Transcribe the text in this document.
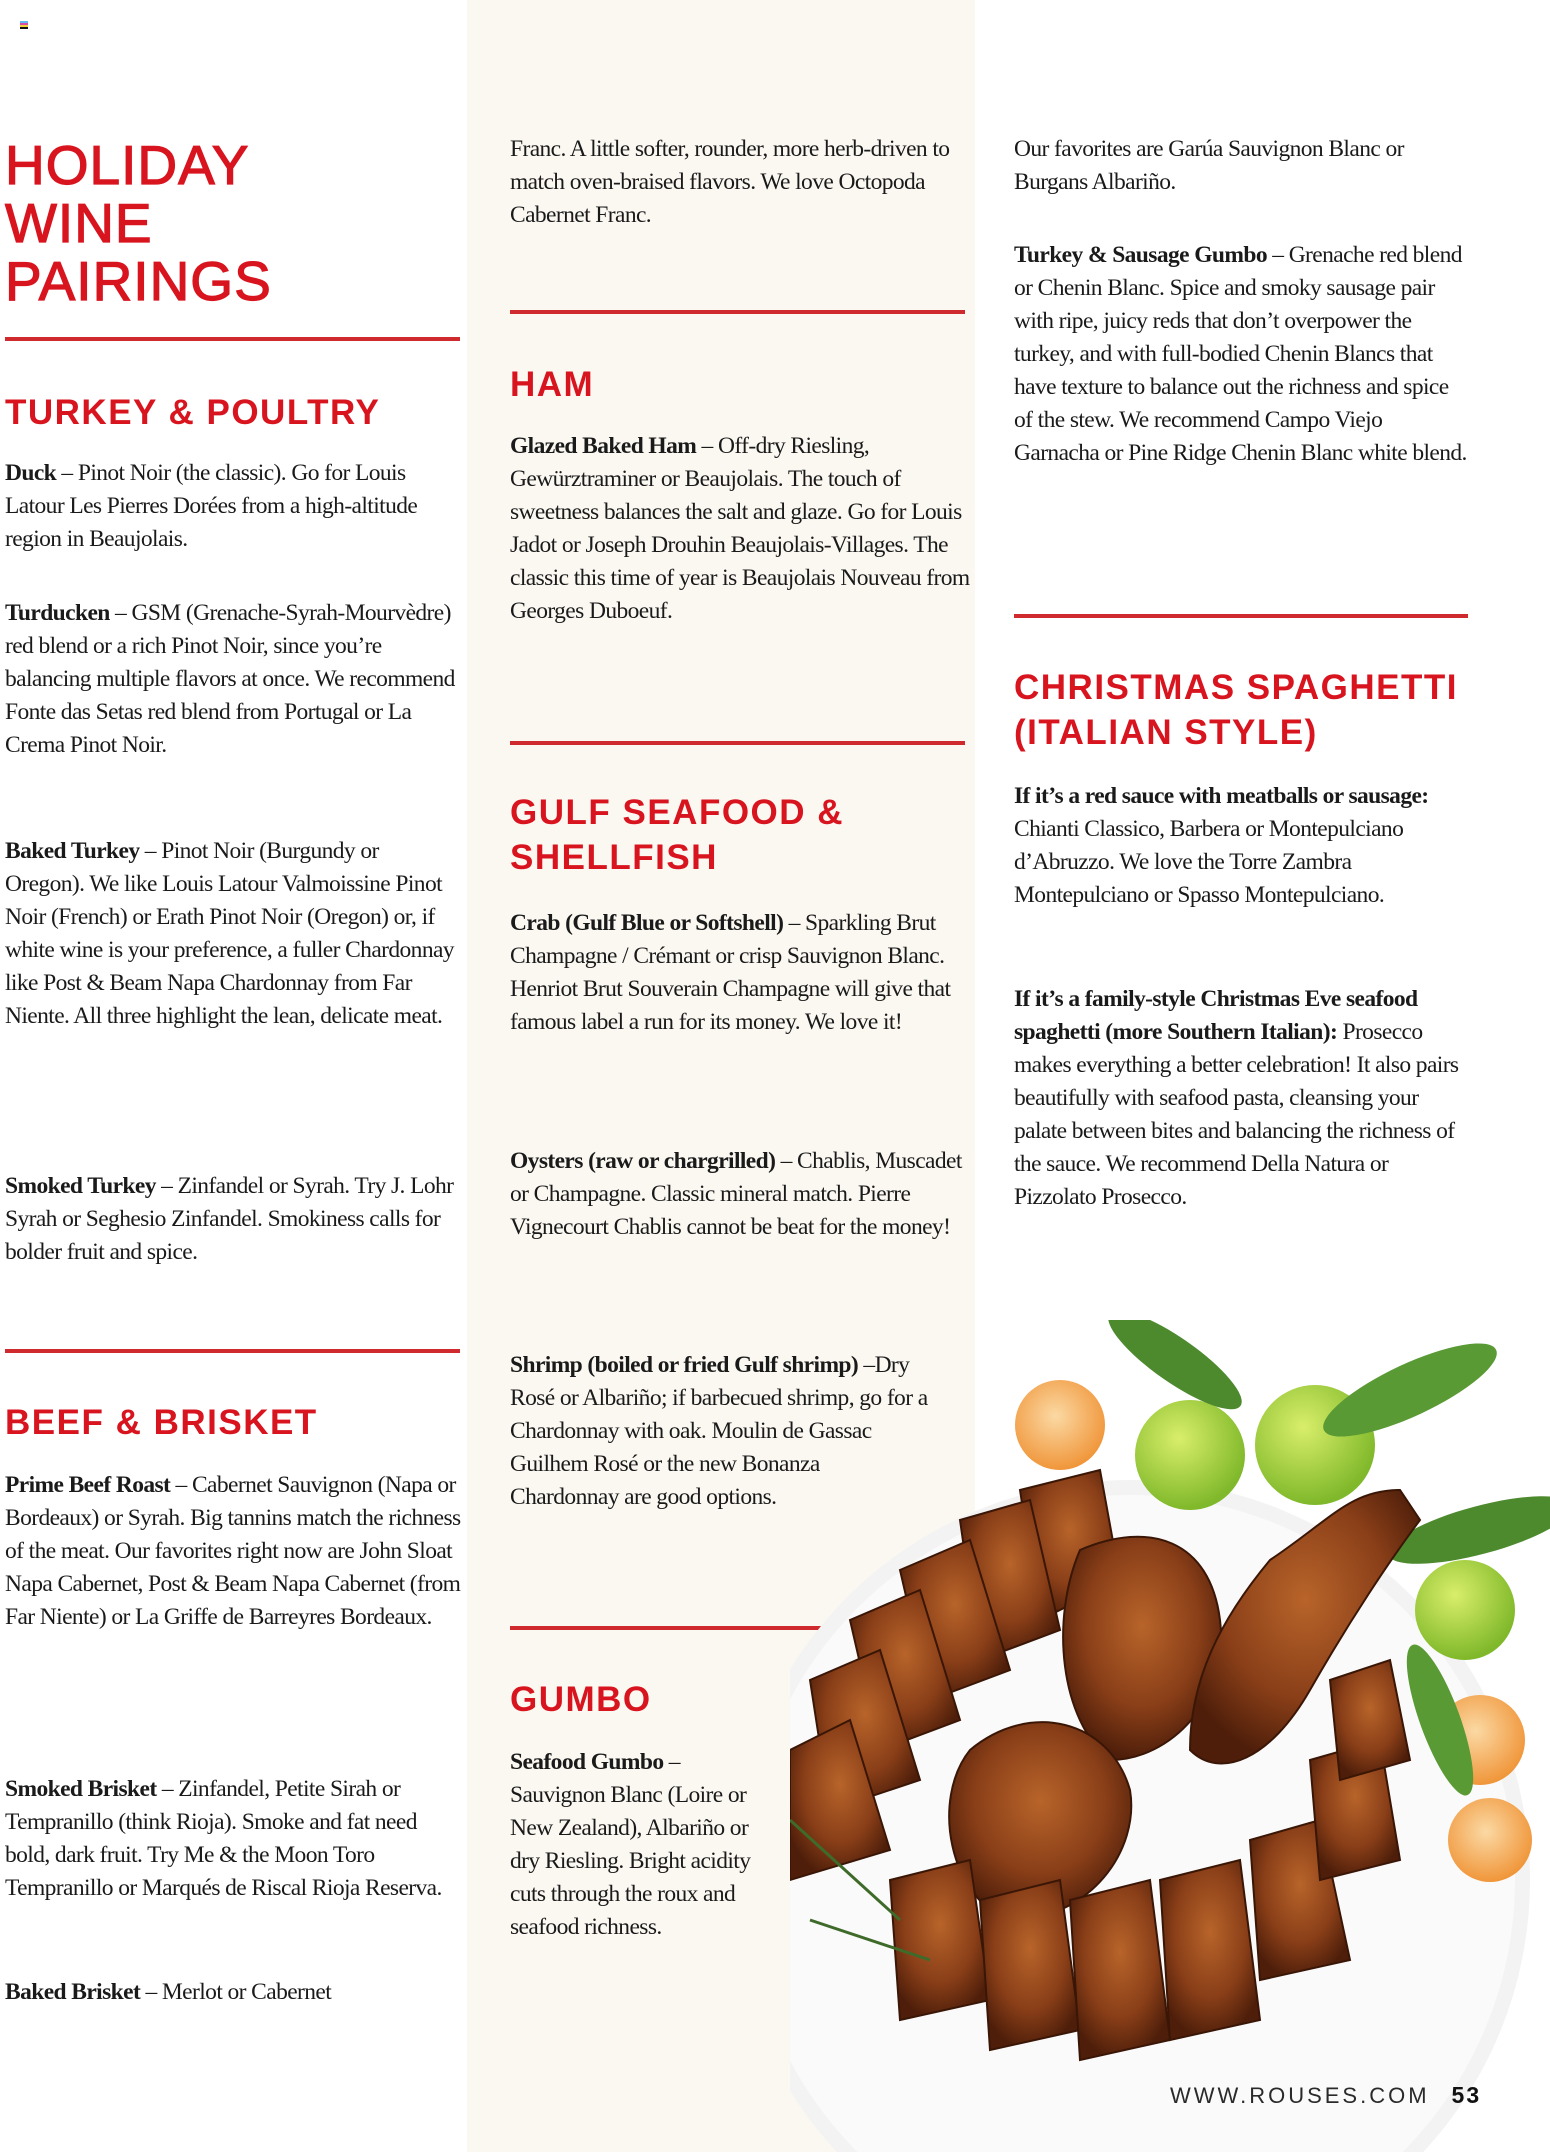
HOLIDAY
WINE
PAIRINGS
TURKEY & POULTRY

Duck – Pinot Noir (the classic). Go for Louis Latour Les Pierres Dorées from a high-altitude region in Beaujolais.

Turducken – GSM (Grenache-Syrah-Mourvèdre) red blend or a rich Pinot Noir, since you’re balancing multiple flavors at once. We recommend Fonte das Setas red blend from Portugal or La Crema Pinot Noir.

Baked Turkey – Pinot Noir (Burgundy or Oregon). We like Louis Latour Valmoissine Pinot Noir (French) or Erath Pinot Noir (Oregon) or, if white wine is your preference, a fuller Chardonnay like Post & Beam Napa Chardonnay from Far Niente. All three highlight the lean, delicate meat.

Smoked Turkey – Zinfandel or Syrah. Try J. Lohr Syrah or Seghesio Zinfandel. Smokiness calls for bolder fruit and spice.

BEEF & BRISKET

Prime Beef Roast – Cabernet Sauvignon (Napa or Bordeaux) or Syrah. Big tannins match the richness of the meat. Our favorites right now are John Sloat Napa Cabernet, Post & Beam Napa Cabernet (from Far Niente) or La Griffe de Barreyres Bordeaux.

Smoked Brisket – Zinfandel, Petite Sirah or Tempranillo (think Rioja). Smoke and fat need bold, dark fruit. Try Me & the Moon Toro Tempranillo or Marqués de Riscal Rioja Reserva.

Baked Brisket – Merlot or Cabernet

Franc. A little softer, rounder, more herb-driven to match oven-braised flavors. We love Octopoda Cabernet Franc.

HAM

Glazed Baked Ham – Off-dry Riesling, Gewürztraminer or Beaujolais. The touch of sweetness balances the salt and glaze. Go for Louis Jadot or Joseph Drouhin Beaujolais-Villages. The classic this time of year is Beaujolais Nouveau from Georges Duboeuf.

GULF SEAFOOD &
SHELLFISH

Crab (Gulf Blue or Softshell) – Sparkling Brut Champagne / Crémant or crisp Sauvignon Blanc. Henriot Brut Souverain Champagne will give that famous label a run for its money. We love it!

Oysters (raw or chargrilled) – Chablis, Muscadet or Champagne. Classic mineral match. Pierre Vignecourt Chablis cannot be beat for the money!

Shrimp (boiled or fried Gulf shrimp) –Dry Rosé or Albariño; if barbecued shrimp, go for a Chardonnay with oak. Moulin de Gassac Guilhem Rosé or the new Bonanza Chardonnay are good options.

GUMBO

Seafood Gumbo – Sauvignon Blanc (Loire or New Zealand), Albariño or dry Riesling. Bright acidity cuts through the roux and seafood richness.

Our favorites are Garúa Sauvignon Blanc or Burgans Albariño.

Turkey & Sausage Gumbo – Grenache red blend or Chenin Blanc. Spice and smoky sausage pair with ripe, juicy reds that don’t overpower the turkey, and with full-bodied Chenin Blancs that have texture to balance out the richness and spice of the stew. We recommend Campo Viejo Garnacha or Pine Ridge Chenin Blanc white blend.

CHRISTMAS SPAGHETTI
(ITALIAN STYLE)

If it’s a red sauce with meatballs or sausage: Chianti Classico, Barbera or Montepulciano d’Abruzzo. We love the Torre Zambra Montepulciano or Spasso Montepulciano.

If it’s a family-style Christmas Eve seafood spaghetti (more Southern Italian): Prosecco makes everything a better celebration! It also pairs beautifully with seafood pasta, cleansing your palate between bites and balancing the richness of the sauce. We recommend Della Natura or Pizzolato Prosecco.

WWW.ROUSES.COM 53
